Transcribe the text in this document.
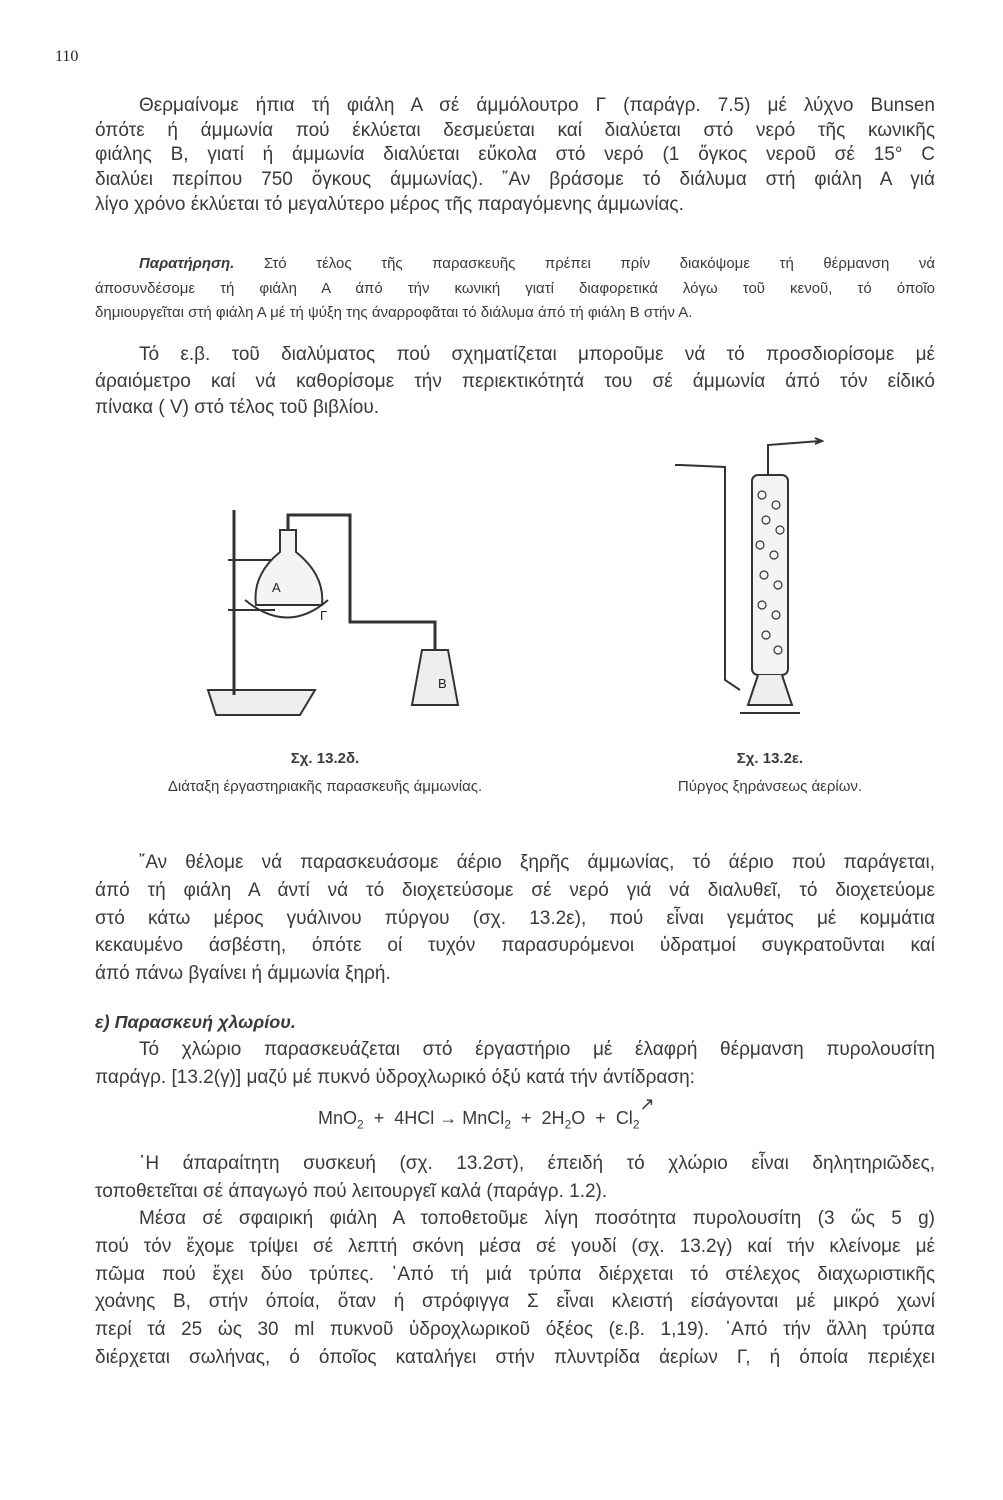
110
Θερμαίνομε ήπια τή φιάλη Α σέ άμμόλουτρο Γ (παράγρ. 7.5) μέ λύχνο Bunsen
όπότε ή άμμωνία πού έκλύεται δεσμεύεται καί διαλύεται στό νερό τῆς κωνικῆς
φιάλης Β, γιατί ή άμμωνία διαλύεται εὔκολα στό νερό (1 ὄγκος νεροῦ σέ 15° C
διαλύει περίπου 750 ὄγκους άμμωνίας). ῎Αν βράσομε τό διάλυμα στή φιάλη Α γιά
λίγο χρόνο έκλύεται τό μεγαλύτερο μέρος τῆς παραγόμενης άμμωνίας.
Παρατήρηση. Στό τέλος τῆς παρασκευῆς πρέπει πρίν διακόψομε τή θέρμανση νά
άποσυνδέσομε τή φιάλη Α άπό τήν κωνική γιατί διαφορετικά λόγω τοῦ κενοῦ, τό όποῖο
δημιουργεῖται στή φιάλη Α μέ τή ψύξη της άναρροφᾶται τό διάλυμα άπό τή φιάλη Β στήν Α.
Τό ε.β. τοῦ διαλύματος πού σχηματίζεται μποροῦμε νά τό προσδιορίσομε μέ
άραιόμετρο καί νά καθορίσομε τήν περιεκτικότητά του σέ άμμωνία άπό τόν είδικό
πίνακα ( V) στό τέλος τοῦ βιβλίου.
Α
Γ
Β
Σχ. 13.2δ.
Διάταξη έργαστηριακῆς παρασκευῆς άμμωνίας.
Σχ. 13.2ε.
Πύργος ξηράνσεως άερίων.
῎Αν θέλομε νά παρασκευάσομε άέριο ξηρῆς άμμωνίας, τό άέριο πού παράγεται,
άπό τή φιάλη Α άντί νά τό διοχετεύσομε σέ νερό γιά νά διαλυθεῖ, τό διοχετεύομε
στό κάτω μέρος γυάλινου πύργου (σχ. 13.2ε), πού εἶναι γεμάτος μέ κομμάτια
κεκαυμένο άσβέστη, όπότε οί τυχόν παρασυρόμενοι ὑδρατμοί συγκρατοῦνται καί
άπό πάνω βγαίνει ή άμμωνία ξηρή.
ε) Παρασκευή χλωρίου.
Τό χλώριο παρασκευάζεται στό έργαστήριο μέ έλαφρή θέρμανση πυρολουσίτη
παράγρ. [13.2(γ)] μαζύ μέ πυκνό ὑδροχλωρικό όξύ κατά τήν άντίδραση:
MnO$_2$ + 4HCl → MnCl$_2$ + $2H_2O$ + $Cl_2↗$
῾Η άπαραίτητη συσκευή (σχ. 13.2στ), έπειδή τό χλώριο εἶναι δηλητηριῶδες,
τοποθετεῖται σέ άπαγωγό πού λειτουργεῖ καλά (παράγρ. 1.2).
Μέσα σέ σφαιρική φιάλη Α τοποθετοῦμε λίγη ποσότητα πυρολουσίτη (3 ὥς 5 g)
πού τόν ἔχομε τρίψει σέ λεπτή σκόνη μέσα σέ γουδί (σχ. 13.2γ) καί τήν κλείνομε μέ
πῶμα πού ἔχει δύο τρύπες. ᾽Από τή μιά τρύπα διέρχεται τό στέλεχος διαχωριστικῆς
χοάνης Β, στήν όποία, ὅταν ή στρόφιγγα Σ εἶναι κλειστή είσάγονται μέ μικρό χωνί
περί τά 25 ὡς 30 ml πυκνοῦ ὑδροχλωρικοῦ όξέος (ε.β. 1,19). ᾽Από τήν ἄλλη τρύπα
διέρχεται σωλήνας, ό όποῖος καταλήγει στήν πλυντρίδα άερίων Γ, ή όποία περιέχει
